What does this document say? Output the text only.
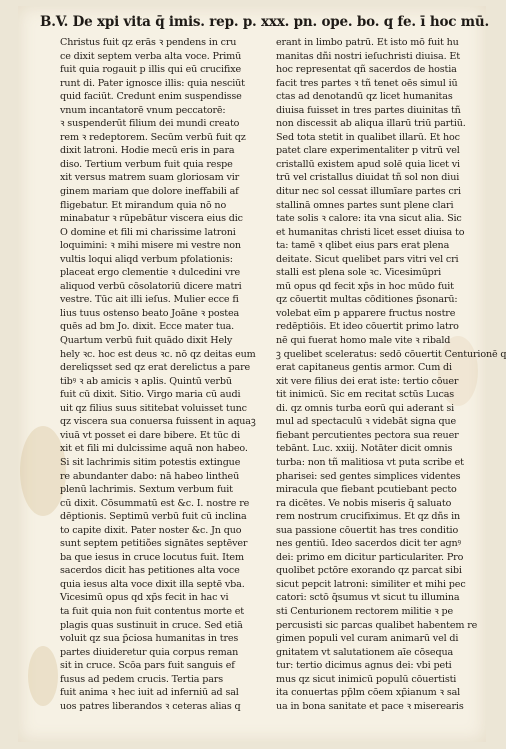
B.V. De xpi vita q̄ imis. rep. p. xxx. pn. ope. bo. q fe. ī hoc mū.
Christus fuit qz erās ꝛ pendens in cru
ce dixit septem verba alta voce. Primū
fuit quia rogauit p illis qui eū crucifixe
runt di. Pater ignosce illis: quia nesciūt
quid faciūt. Credunt enim suspendisse
vnum incantatorē vnum peccatorē:
ꝛ suspenderūt filium dei mundi creato
rem ꝛ redeptorem. Secūm verbū fuit qz
dixit latroni. Hodie mecū eris in para
diso. Tertium verbum fuit quia respe
xit versus matrem suam gloriosam vir
ginem mariam que dolore ineffabili af
fligebatur. Et mirandum quia nō no
minabatur ꝛ rūpebātur viscera eius dic
O domine et fili mi charissime latroni
loquimini: ꝛ mihi misere mi vestre non
vultis loqui aliqd verbum pfolationis:
placeat ergo clementie ꝛ dulcedini vre
aliquod verbū cōsolatoriū dicere matri
vestre. Tūc ait illi ieſus. Mulier ecce fi
lius tuus ostenso beato Joāne ꝛ postea
quēs ad bm Jo. dixit. Ecce mater tua.
Quartum verbū fuit quādo dixit Hely
hely ꝛc. hoc est deus ꝛc. nō qz deitas eum
dereliqsset sed qz erat derelictus a pare
tibꝰ ꝛ ab amicis ꝛ aplis. Quintū verbū
fuit cū dixit. Sitio. Virgo maria cū audi
uit qz filius suus sititebat voluisset tunc
qz viscera sua conuersa fuissent in aquaꝫ
viuā vt posset ei dare bibere. Et tūc di
xit et fili mi dulcissime aquā non habeo.
Si sit lachrimis sitim potestis extingue
re abundanter dabo: nā habeo lintheū
plenū lachrimis. Sextum verbum fuit
cū dixit. Cōsummatū est &c. I. nostre re
dēptionis. Septimū verbū fuit cū inclina
to capite dixit. Pater noster &c. Jn quo
sunt septem petitiões signātes septēver
ba que iesus in cruce locutus fuit. Item
sacerdos dicit has petitiones alta voce
quia iesus alta voce dixit illa septē vba.
Vicesimū opus qd xp̄s fecit in hac vi
ta fuit quia non fuit contentus morte et
plagis quas sustinuit in cruce. Sed etiā
voluit qz sua p̄ciosa humanitas in tres
partes diuideretur quia corpus reman
sit in cruce. Scōa pars fuit sanguis ef
fusus ad pedem crucis. Tertia pars
fuit anima ꝛ hec iuit ad inferniū ad sal
uos patres liberandos ꝛ ceteras alias q
erant in limbo patrū. Et isto mō fuit hu
manitas dñi nostri ieſuchristi diuisa. Et
hoc representat qñ sacerdos de hostia
facit tres partes ꝛ tñ tenet oēs simul iū
ctas ad denotandū qz licet humanitas
diuisa fuisset in tres partes diuinitas tñ
non discessit ab aliqua illarū triū partiū.
Sed tota stetit in qualibet illarū. Et hoc
patet clare experimentaliter p vitrū vel
cristallū existem apud solē quia licet vi
trū vel cristallus diuidat tñ sol non diui
ditur nec sol cessat illumīare partes cri
stallinā omnes partes sunt plene clari
tate solis ꝛ calore: ita vna sicut alia. Sic
et humanitas christi licet esset diuisa to
ta: tamē ꝛ qlibet eius pars erat plena
deitate. Sicut quelibet pars vitri vel cri
stalli est plena sole ꝛc. Vicesimūpri
mū opus qd fecit xp̄s in hoc mūdo fuit
qz cōuertit multas cōditiones p̄sonarū:
volebat eīm p apparere fructus nostre
redēptiōis. Et ideo cōuertit primo latro
nē qui fuerat homo male vite ꝛ ribald
ꝫ quelibet sceleratus: sedō cōuertit Centurionē q
erat capitaneus gentis armor. Cum di
xit vere filius dei erat iste: tertio cōuer
tit inimicū. Sic em recitat sctūs Lucas
di. qz omnis turba eorū qui aderant si
mul ad spectaculū ꝛ videbāt signa que
fiebant percutientes pectora sua reuer
tebānt. Luc. xxiij. Notāter dicit omnis
turba: non tñ malitiosa vt puta scribe et
pharisei: sed gentes simplices videntes
miracula que fiebant pcutiebant pecto
ra dicētes. Ve nobis miseris q̄ saluato
rem nostrum crucifiximus. Et qz dñs in
sua passione cōuertit has tres conditio
nes gentiū. Ideo sacerdos dicit ter agnꝰ
dei: primo em dicitur particulariter. Pro
quolibet pctōre exorando qz parcat sibi
sicut pepcit latroni: similiter et mihi pec
catori: sctō q̄sumus vt sicut tu illumina
sti Centurionem rectorem militie ꝛ pe
percusisti sic parcas qualibet habentem re
gimen populi vel curam animarū vel di
gnitatem vt salutationem aīe cōsequa
tur: tertio dicimus agnus dei: vbi peti
mus qz sicut inimicū populū cōuertisti
ita conuertas pp̄lm cōem xp̄ianum ꝛ sal
ua in bona sanitate et pace ꝛ miserearis
